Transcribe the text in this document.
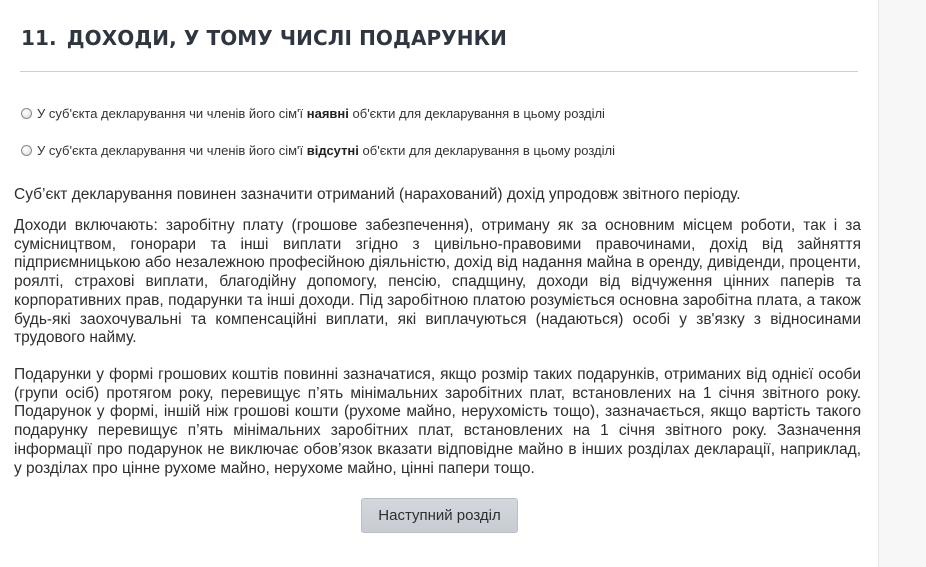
11. ДОХОДИ, У ТОМУ ЧИСЛІ ПОДАРУНКИ
У суб'єкта декларування чи членів його сім'ї
наявні
об'єкти для декларування в цьому розділі
У суб'єкта декларування чи членів його сім'ї
відсутні
об'єкти для декларування в цьому розділі
Суб’єкт декларування повинен зазначити отриманий (нарахований) дохід упродовж звітного періоду.
Доходи включають: заробітну плату (грошове забезпечення), отриману як за основним місцем роботи, так і за сумісництвом, гонорари та інші виплати згідно з цивільно-правовими правочинами, дохід від зайняття підприємницькою або незалежною професійною діяльністю, дохід від надання майна в оренду, дивіденди, проценти, роялті, страхові виплати, благодійну допомогу, пенсію, спадщину, доходи від відчуження цінних паперів та корпоративних прав, подарунки та інші доходи. Під заробітною платою розуміється основна заробітна плата, а також будь-які заохочувальні та компенсаційні виплати, які виплачуються (надаються) особі у зв'язку з відносинами трудового найму.
Подарунки у формі грошових коштів повинні зазначатися, якщо розмір таких подарунків, отриманих від однієї особи (групи осіб) протягом року, перевищує п’ять мінімальних заробітних плат, встановлених на 1 січня звітного року. Подарунок у формі, іншій ніж грошові кошти (рухоме майно, нерухомість тощо), зазначається, якщо вартість такого подарунку перевищує п’ять мінімальних заробітних плат, встановлених на 1 січня звітного року. Зазначення інформації про подарунок не виключає обов’язок вказати відповідне майно в інших розділах декларації, наприклад, у розділах про цінне рухоме майно, нерухоме майно, цінні папери тощо.
Наступний розділ
